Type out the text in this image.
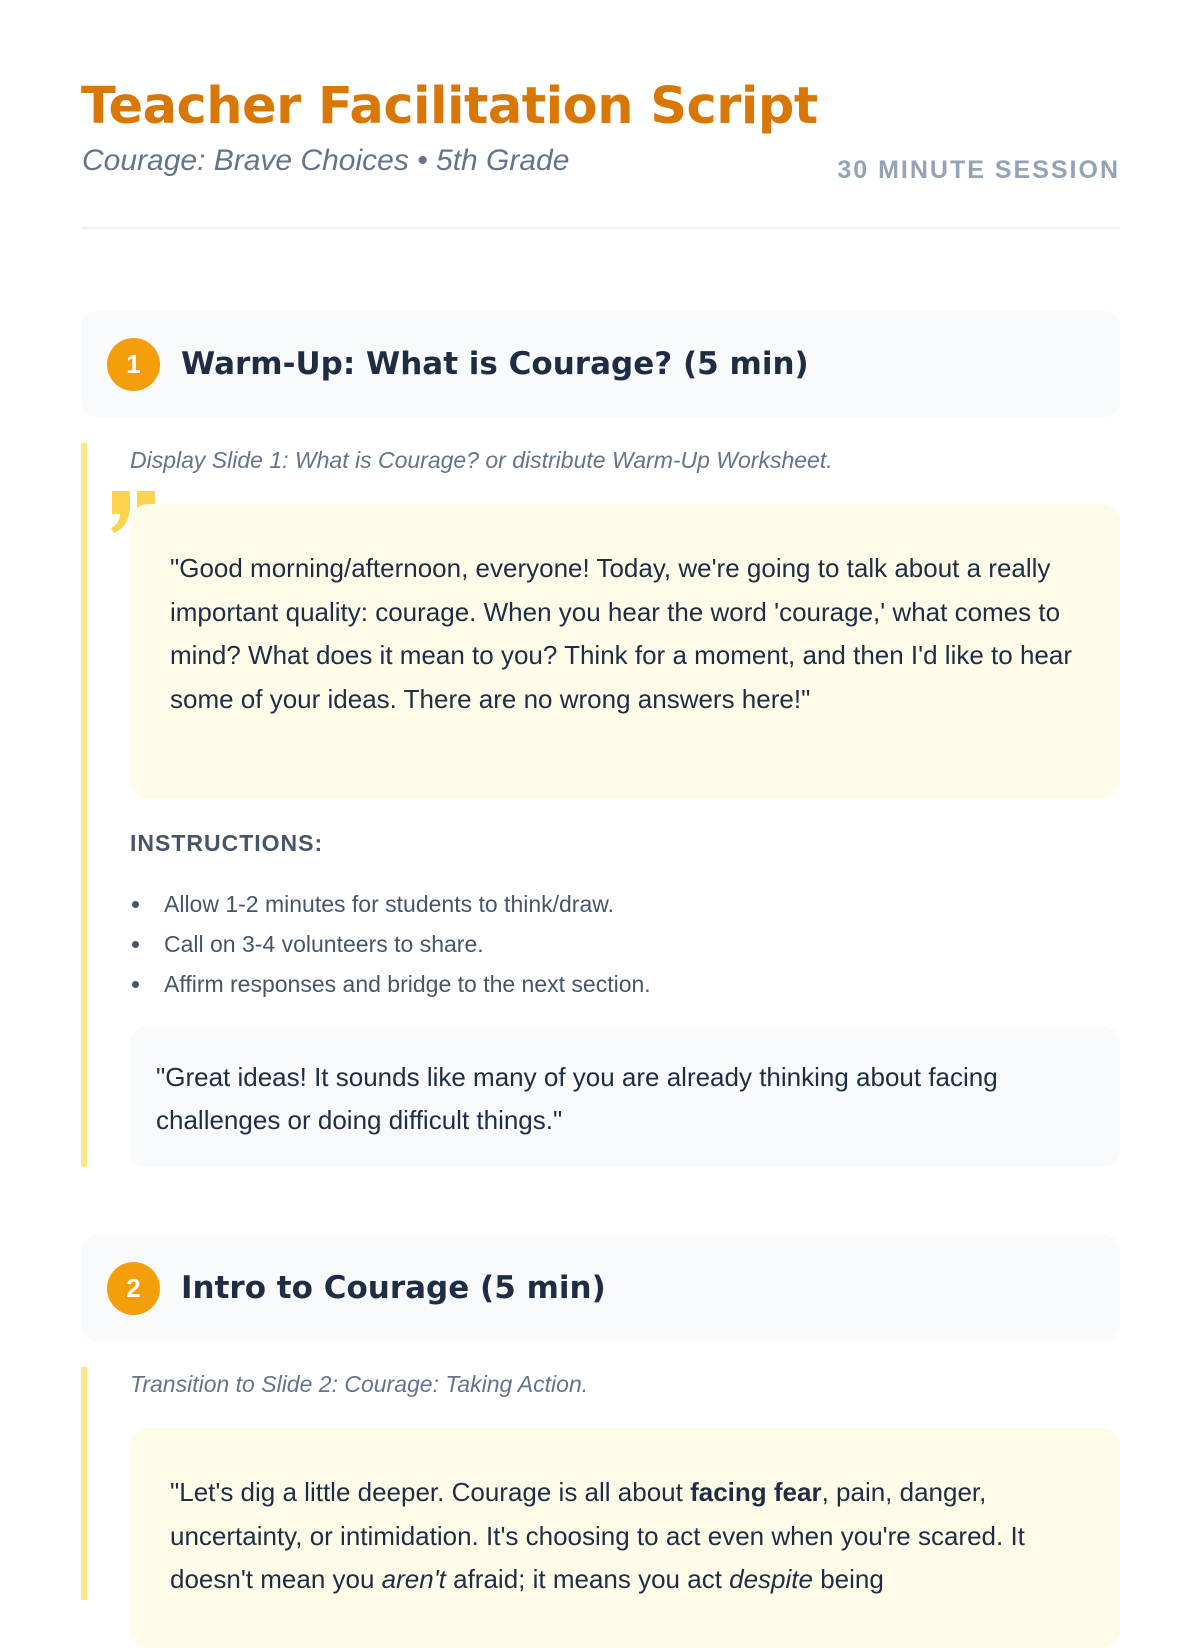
Teacher Facilitation Script

Courage: Brave Choices • 5th Grade	30 MINUTE SESSION
1	Warm-Up: What is Courage? (5 min)

Display Slide 1: What is Courage? or distribute Warm-Up Worksheet.

"Good morning/afternoon, everyone! Today, we're going to talk about a really important quality: courage. When you hear the word 'courage,' what comes to mind? What does it mean to you? Think for a moment, and then I'd like to hear some of your ideas. There are no wrong answers here!"

INSTRUCTIONS:

Allow 1-2 minutes for students to think/draw.
Call on 3-4 volunteers to share.
Affirm responses and bridge to the next section.
"Great ideas! It sounds like many of you are already thinking about facing challenges or doing difficult things."
2	Intro to Courage (5 min)

Transition to Slide 2: Courage: Taking Action.

"Let's dig a little deeper. Courage is all about facing fear, pain, danger, uncertainty, or intimidation. It's choosing to act even when you're scared. It doesn't mean you aren't afraid; it means you act despite being
